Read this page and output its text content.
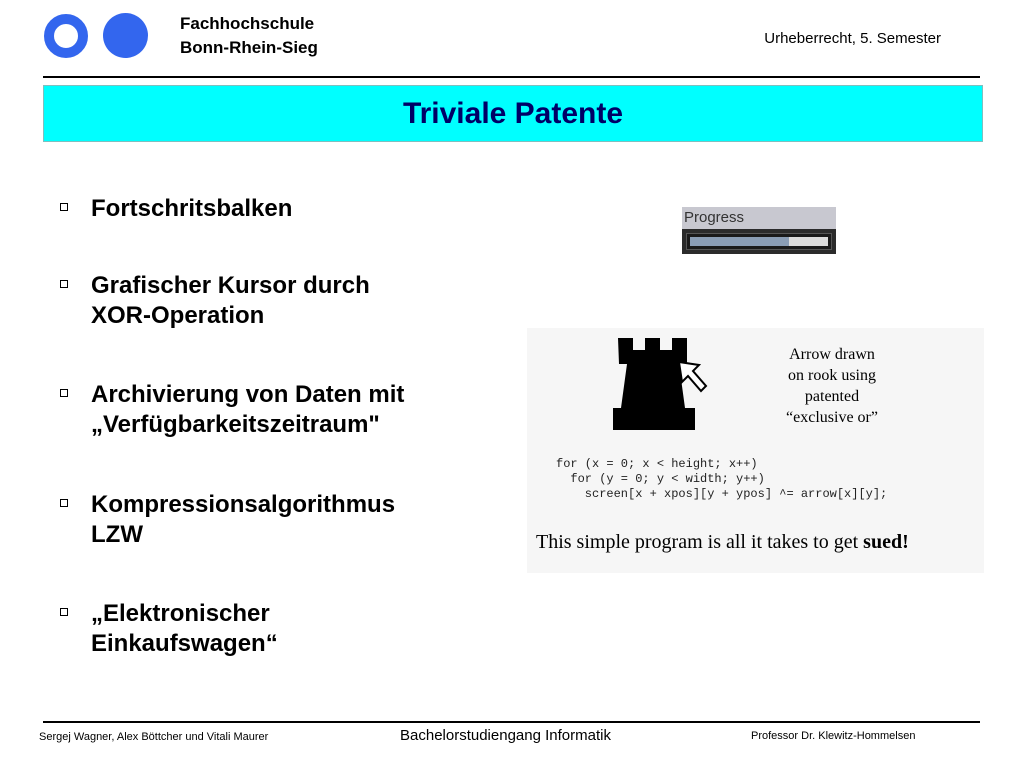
Fachhochschule
Bonn-Rhein-Sieg	Urheberrecht, 5. Semester
Triviale Patente
Fortschritsbalken
Grafischer Kursor durch
XOR-Operation
Archivierung von Daten mit
„Verfügbarkeitszeitraum"
Kompressionsalgorithmus
LZW
„Elektronischer
Einkaufswagen“
Progress
Arrow drawn
on rook using
patented
“exclusive or”
for (x = 0; x < height; x++)
for (y = 0; y < width; y++)
screen[x + xpos][y + ypos] ^= arrow[x][y];
This simple program is all it takes to get sued!
Sergej Wagner, Alex Böttcher und Vitali Maurer	Bachelorstudiengang Informatik	Professor Dr. Klewitz-Hommelsen
